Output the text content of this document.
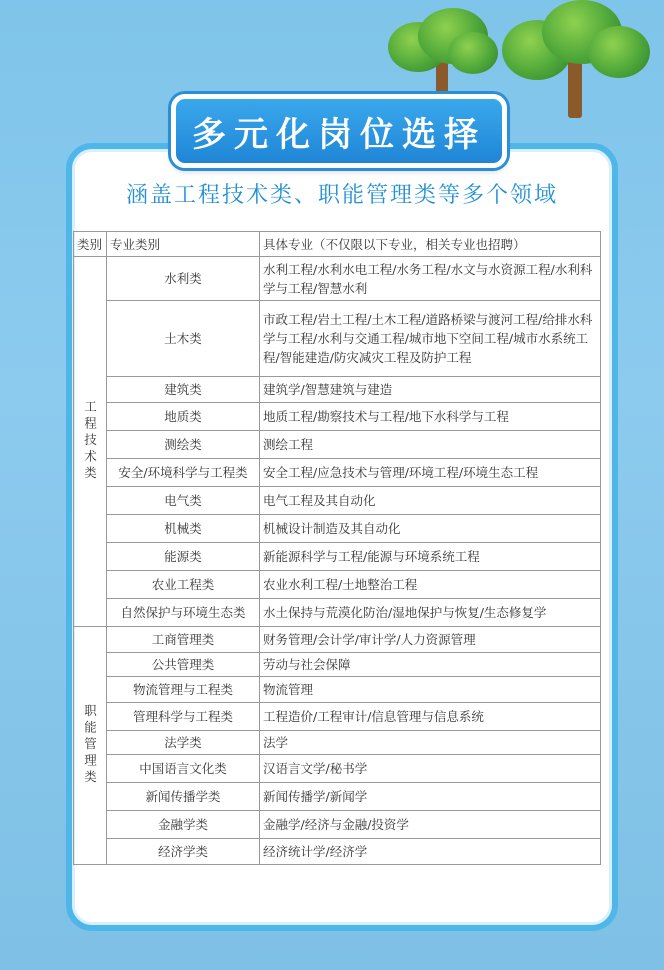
多元化岗位选择
涵盖工程技术类、职能管理类等多个领域
类别	专业类别	具体专业（不仅限以下专业，相关专业也招聘）
工程技术类	水利类	水利工程/水利水电工程/水务工程/水文与水资源工程/水利科学与工程/智慧水利
	土木类	市政工程/岩土工程/土木工程/道路桥梁与渡河工程/给排水科学与工程/水利与交通工程/城市地下空间工程/城市水系统工程/智能建造/防灾减灾工程及防护工程
	建筑类	建筑学/智慧建筑与建造
	地质类	地质工程/勘察技术与工程/地下水科学与工程
	测绘类	测绘工程
	安全/环境科学与工程类	安全工程/应急技术与管理/环境工程/环境生态工程
	电气类	电气工程及其自动化
	机械类	机械设计制造及其自动化
	能源类	新能源科学与工程/能源与环境系统工程
	农业工程类	农业水利工程/土地整治工程
	自然保护与环境生态类	水土保持与荒漠化防治/湿地保护与恢复/生态修复学
职能管理类	工商管理类	财务管理/会计学/审计学/人力资源管理
	公共管理类	劳动与社会保障
	物流管理与工程类	物流管理
	管理科学与工程类	工程造价/工程审计/信息管理与信息系统
	法学类	法学
	中国语言文化类	汉语言文学/秘书学
	新闻传播学类	新闻传播学/新闻学
	金融学类	金融学/经济与金融/投资学
	经济学类	经济统计学/经济学
